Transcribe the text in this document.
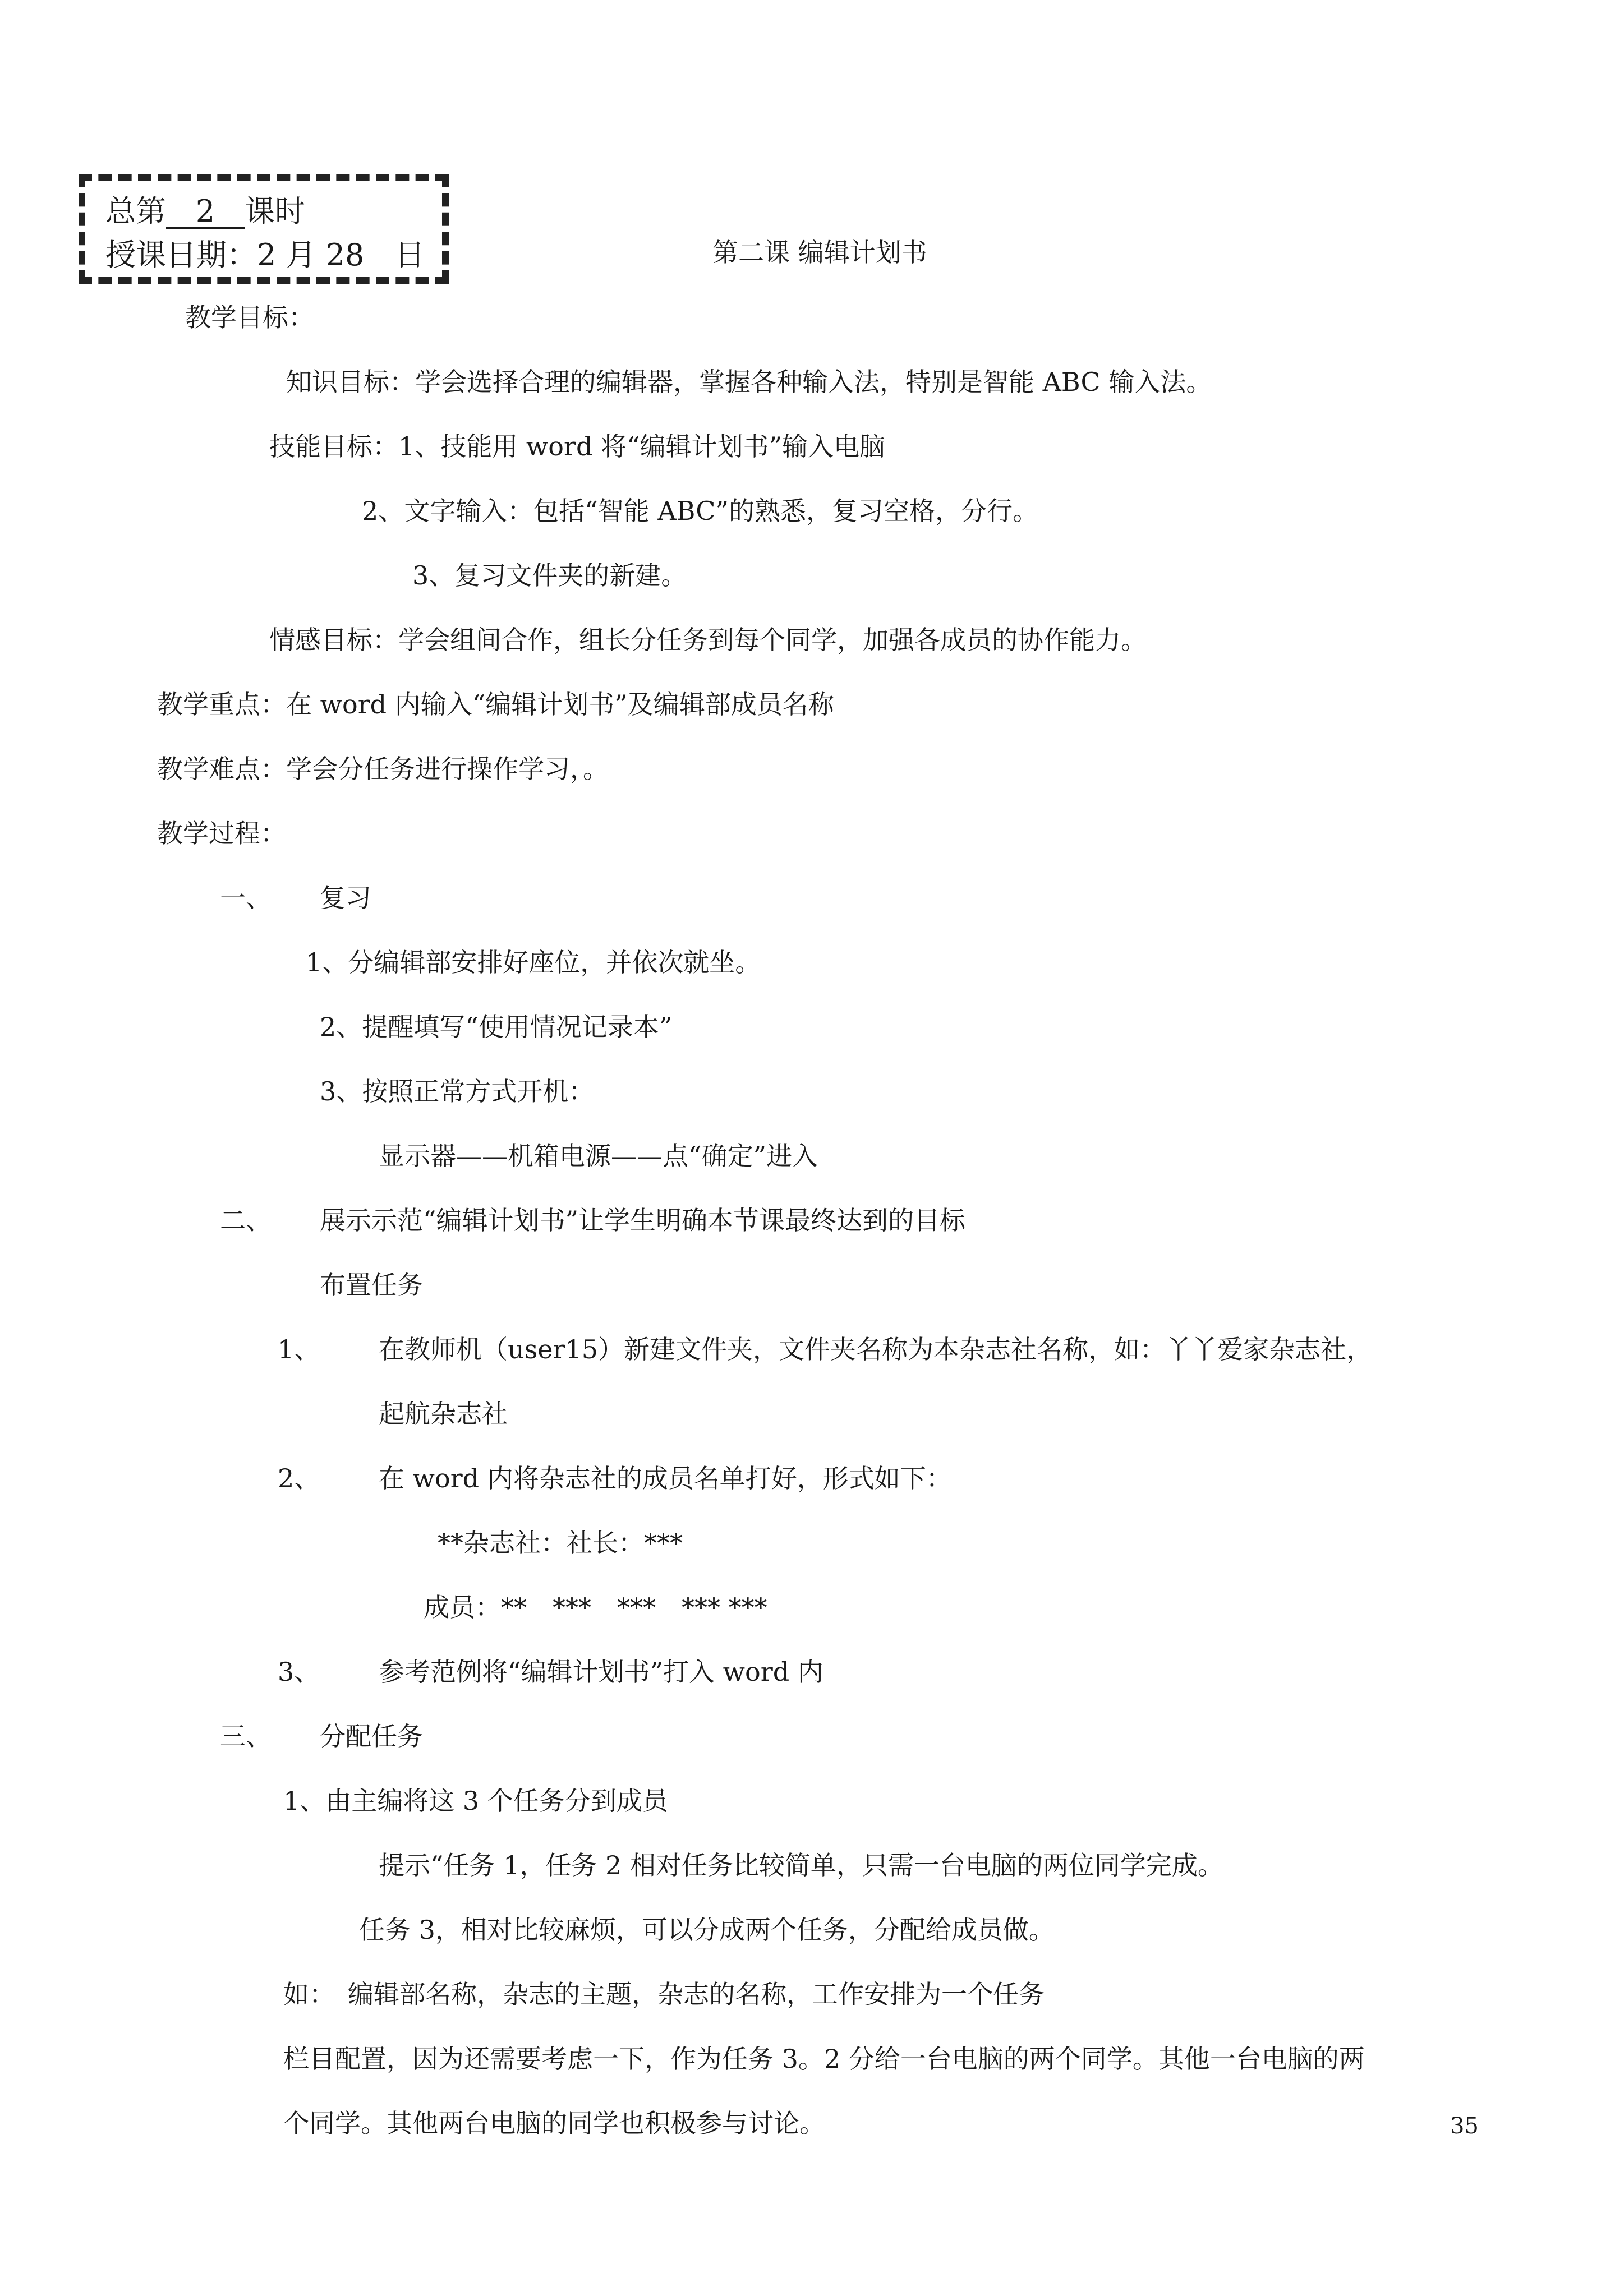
总第 2 课时
授课日期：2 月 28　日	第二课 编辑计划书
教学目标：
知识目标：学会选择合理的编辑器，掌握各种输入法，特别是智能 ABC 输入法。
技能目标：1、技能用 word 将“编辑计划书”输入电脑
2、文字输入：包括“智能 ABC”的熟悉，复习空格，分行。
3、复习文件夹的新建。
情感目标：学会组间合作，组长分任务到每个同学，加强各成员的协作能力。
教学重点：在 word 内输入“编辑计划书”及编辑部成员名称
教学难点：学会分任务进行操作学习，。
教学过程：
一、 复习
1、分编辑部安排好座位，并依次就坐。
2、提醒填写“使用情况记录本”
3、按照正常方式开机：
显示器——机箱电源——点“确定”进入
二、 展示示范“编辑计划书”让学生明确本节课最终达到的目标
布置任务
1、 在教师机（user15）新建文件夹，文件夹名称为本杂志社名称，如：丫丫爱家杂志社，
起航杂志社
2、 在 word 内将杂志社的成员名单打好，形式如下：
**杂志社：社长：***
成员：**　***　***　*** ***
3、 参考范例将“编辑计划书”打入 word 内
三、 分配任务
1、由主编将这 3 个任务分到成员
提示“任务 1，任务 2 相对任务比较简单，只需一台电脑的两位同学完成。
任务 3，相对比较麻烦，可以分成两个任务，分配给成员做。
如：　编辑部名称，杂志的主题，杂志的名称，工作安排为一个任务
栏目配置，因为还需要考虑一下，作为任务 3。2 分给一台电脑的两个同学。其他一台电脑的两
个同学。其他两台电脑的同学也积极参与讨论。	35
